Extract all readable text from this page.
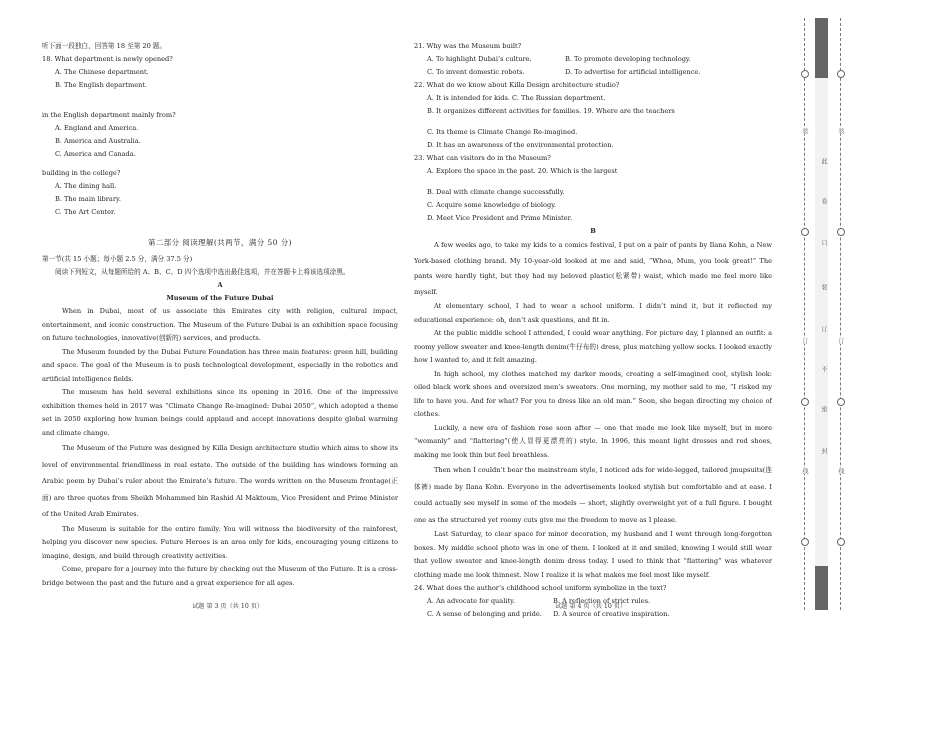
听下面一段独白，回答第 18 至第 20 题。

18. What department is newly opened?

A. The Chinese department.

B. The English department.

in the English department mainly from?

A. England and America.

B. America and Australia.

C. America and Canada.

building in the college?

A. The dining hall.

B. The main library.

C. The Art Center.

第二部分 阅读理解(共两节，满分 50 分)

第一节(共 15 小题；每小题 2.5 分，满分 37.5 分)

阅读下列短文，从每题所给的 A、B、C、D 四个选项中选出最佳选项，并在答题卡上将该选项涂黑。

A

Museum of the Future Dubai

When in Dubai, most of us associate this Emirates city with religion, cultural impact, entertainment, and iconic construction. The Museum of the Future Dubai is an exhibition space focusing on future technologies, innovative(创新的) services, and products.

The Museum founded by the Dubai Future Foundation has three main features: green hill, building and space. The goal of the Museum is to push technological development, especially in the robotics and artificial intelligence fields.

The museum has held several exhibitions since its opening in 2016. One of the impressive exhibition themes held in 2017 was “Climate Change Re-imagined: Dubai 2050”, which adopted a theme set in 2050 exploring how human beings could applaud and accept innovations despite global warming and climate change.

The Museum of the Future was designed by Killa Design architecture studio which aims to show its level of environmental friendliness in real estate. The outside of the building has windows forming an Arabic poem by Dubai’s ruler about the Emirate’s future. The words written on the Museum frontage(正面) are three quotes from Sheikh Mohammed bin Rashid Al Maktoum, Vice President and Prime Minister of the United Arab Emirates.

The Museum is suitable for the entire family. You will witness the biodiversity of the rainforest, helping you discover new species. Future Heroes is an area only for kids, encouraging young citizens to imagine, design, and build through creativity activities.

Come, prepare for a journey into the future by checking out the Museum of the Future. It is a cross-bridge between the past and the future and a great experience for all ages.

试题 第 3 页（共 10 页）

21. Why was the Museum built?

A. To highlight Dubai’s culture.	B. To promote developing technology.
C. To invent domestic robots.	D. To advertise for artificial intelligence.

22. What do we know about Killa Design architecture studio?

A. It is intended for kids. C. The Russian department.

B. It organizes different activities for families. 19. Where are the teachers

C. Its theme is Climate Change Re-imagined.

D. It has an awareness of the environmental protection.

23. What can visitors do in the Museum?

A. Explore the space in the past. 20. Which is the largest

B. Deal with climate change successfully.

C. Acquire some knowledge of biology.

D. Meet Vice President and Prime Minister.

B

A few weeks ago, to take my kids to a comics festival, I put on a pair of pants by Ilana Kohn, a New York-based clothing brand. My 10-year-old looked at me and said, “Whoa, Mum, you look great!” The pants were hardly tight, but they had my beloved plastic(松紧带) waist, which made me feel more like myself.

At elementary school, I had to wear a school uniform. I didn’t mind it, but it reflected my educational experience: oh, don’t ask questions, and fit in.

At the public middle school I attended, I could wear anything. For picture day, I planned an outfit: a roomy yellow sweater and knee-length denim(牛仔布的) dress, plus matching yellow socks. I looked exactly how I wanted to, and it felt amazing.

In high school, my clothes matched my darker moods, creating a self-imagined cool, stylish look: oiled black work shoes and oversized men’s sweaters. One morning, my mother said to me, “I risked my life to have you. And for what? For you to dress like an old man.” Soon, she began directing my choice of clothes.

Luckily, a new era of fashion rose soon after — one that made me look like myself, but in more “womanly” and “flattering”(使人显得更漂亮的) style. In 1996, this meant light dresses and red shoes, making me look thin but feel breathless.

Then when I couldn’t bear the mainstream style, I noticed ads for wide-legged, tailored jmupsuits(连体裤) made by Ilana Kohn. Everyone in the advertisements looked stylish but comfortable and at ease. I could actually see myself in some of the models — short, slightly overweight yet of a full figure. I bought one as the structured yet roomy cuts give me the freedom to move as I please.

Last Saturday, to clear space for minor decoration, my husband and I went through long-forgotten boxes. My middle school photo was in one of them. I looked at it and smiled, knowing I would still wear that yellow sweater and knee-length denim dress today. I used to think that “flattering” was whatever clothing made me look thinnest. Now I realize it is what makes me feel most like myself.

24. What does the author’s childhood school uniform symbolize in the text?

A. An advocate for quality.	B. A reflection of strict rules.
C. A sense of belonging and pride.	D. A source of creative inspiration.
试题 第 4 页（共 10 页）
此
卷
只
装
订
不
密
封
装
订
线
装
订
线
